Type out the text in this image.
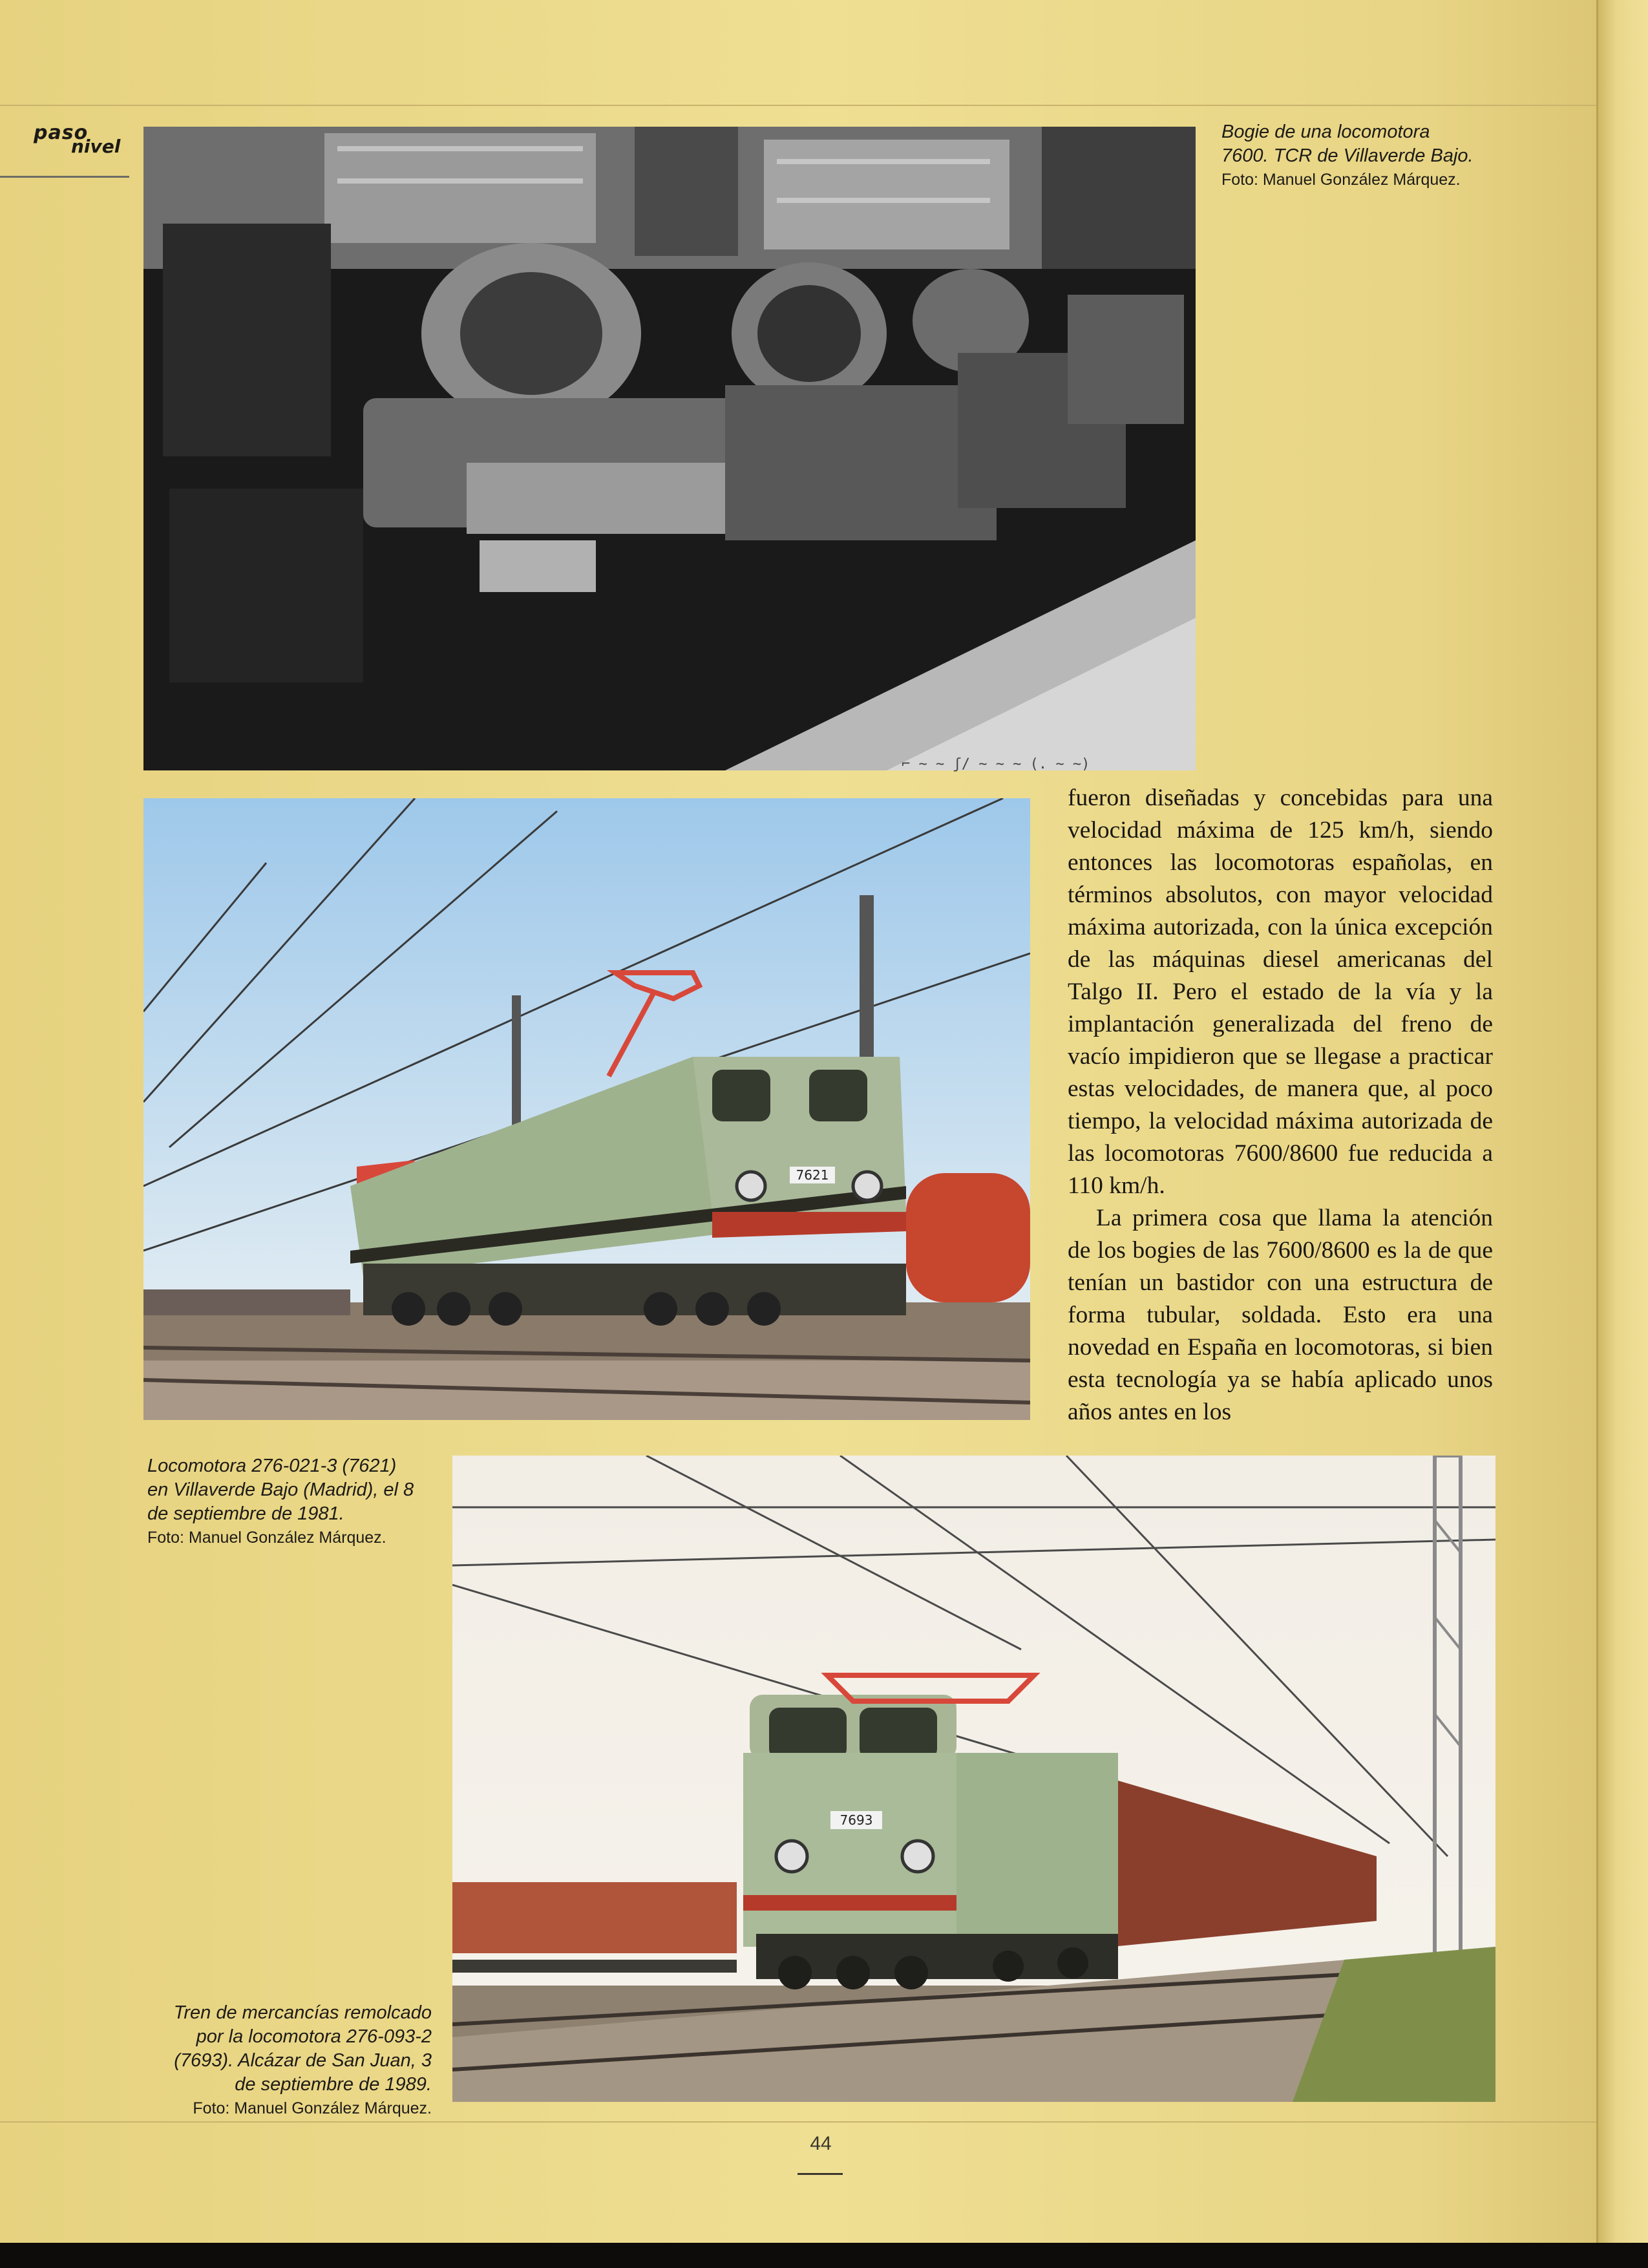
paso
nivel
Bogie de una locomotora
7600. TCR de Villaverde Bajo.
Foto: Manuel González Márquez.
⌐ ~ ~ ʃ/ ~ ~ ~ (. ~ ~)
7621
Locomotora 276-021-3 (7621)
en Villaverde Bajo (Madrid), el 8
de septiembre de 1981.
Foto: Manuel González Márquez.

fueron diseñadas y concebidas para una velocidad máxima de 125 km/h, siendo entonces las locomotoras españolas, en términos absolutos, con mayor velocidad máxima autorizada, con la única excepción de las máquinas diesel americanas del Talgo II. Pero el estado de la vía y la implantación generalizada del freno de vacío impidieron que se llegase a practicar estas velocidades, de manera que, al poco tiempo, la velocidad máxima autorizada de las locomotoras 7600/8600 fue reducida a 110 km/h.

La primera cosa que llama la atención de los bogies de las 7600/8600 es la de que tenían un bastidor con una estructura de forma tubular, soldada. Esto era una novedad en España en locomotoras, si bien esta tecnología ya se había aplicado unos años antes en los

7693
Tren de mercancías remolcado
por la locomotora 276-093-2
(7693). Alcázar de San Juan, 3
de septiembre de 1989.
Foto: Manuel González Márquez.
44
